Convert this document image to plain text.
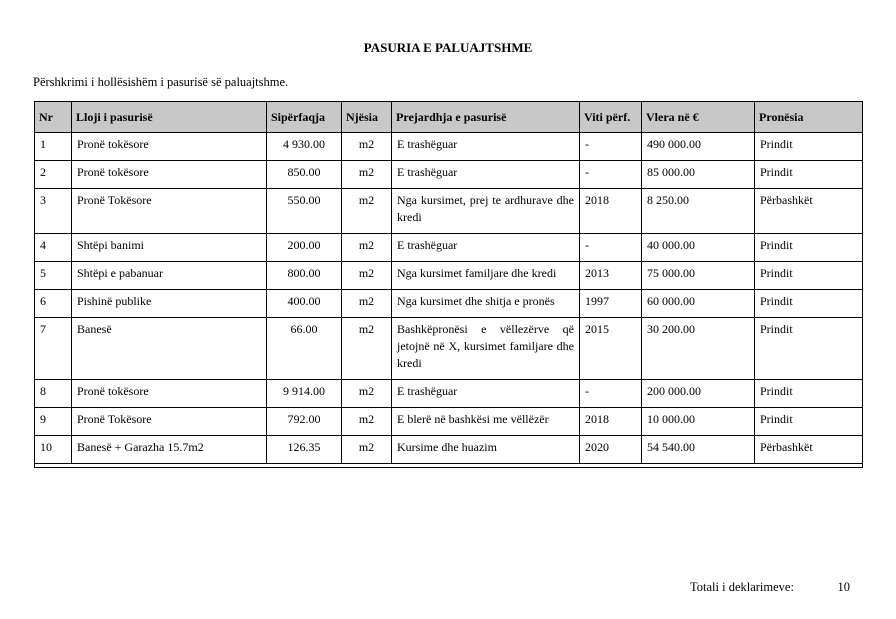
PASURIA E PALUAJTSHME
Përshkrimi i hollësishëm i pasurisë së paluajtshme.
Nr	Lloji i pasurisë	Sipërfaqja	Njësia	Prejardhja e pasurisë	Viti përf.	Vlera në €	Pronësia
1	Pronë tokësore	4 930.00	m2	E trashëguar	-	490 000.00	Prindit
2	Pronë tokësore	850.00	m2	E trashëguar	-	85 000.00	Prindit
3	Pronë Tokësore	550.00	m2	Nga kursimet, prej te ardhurave dhe kredi	2018	8 250.00	Përbashkët
4	Shtëpi banimi	200.00	m2	E trashëguar	-	40 000.00	Prindit
5	Shtëpi e pabanuar	800.00	m2	Nga kursimet familjare dhe kredi	2013	75 000.00	Prindit
6	Pishinë publike	400.00	m2	Nga kursimet dhe shitja e pronës	1997	60 000.00	Prindit
7	Banesë	66.00	m2	Bashkëpronësi e vëllezërve që jetojnë në X, kursimet familjare dhe kredi	2015	30 200.00	Prindit
8	Pronë tokësore	9 914.00	m2	E trashëguar	-	200 000.00	Prindit
9	Pronë Tokësore	792.00	m2	E blerë në bashkësi me vëllëzër	2018	10 000.00	Prindit
10	Banesë + Garazha 15.7m2	126.35	m2	Kursime dhe huazim	2020	54 540.00	Përbashkët

Totali i deklarimeve:	10
